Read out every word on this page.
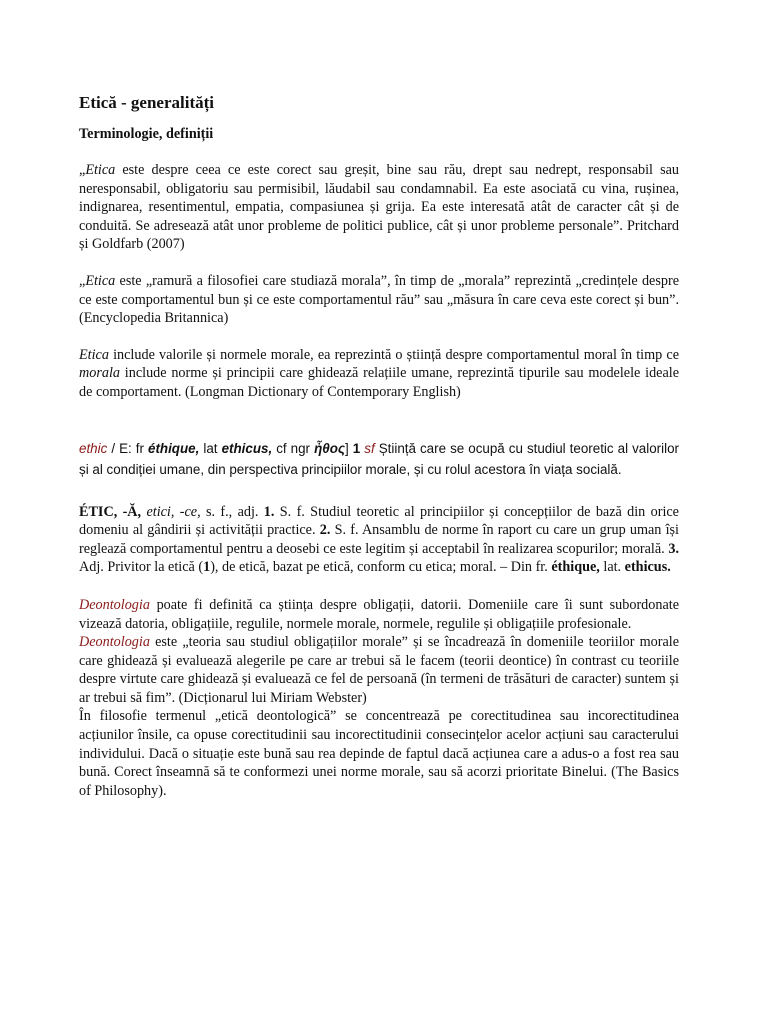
Etică - generalități
Terminologie, definiții

„Etica este despre ceea ce este corect sau greșit, bine sau rău, drept sau nedrept, responsabil sau neresponsabil, obligatoriu sau permisibil, lăudabil sau condamnabil. Ea este asociată cu vina, rușinea, indignarea, resentimentul, empatia, compasiunea și grija. Ea este interesată atât de caracter cât și de conduită. Se adresează atât unor probleme de politici publice, cât și unor probleme personale”. Pritchard și Goldfarb (2007)

„Etica este „ramură a filosofiei care studiază morala”, în timp de „morala” reprezintă „credințele despre ce este comportamentul bun și ce este comportamentul rău” sau „măsura în care ceva este corect și bun”. (Encyclopedia Britannica)

Etica include valorile și normele morale, ea reprezintă o știință despre comportamentul moral în timp ce morala include norme și principii care ghidează relațiile umane, reprezintă tipurile sau modelele ideale de comportament. (Longman Dictionary of Contemporary English)

ethic / E: fr éthique, lat ethicus, cf ngr ἦθος] 1 sf Știință care se ocupă cu studiul teoretic al valorilor și al condiției umane, din perspectiva principiilor morale, și cu rolul acestora în viața socială.

ÉTIC, -Ă, etici, -ce, s. f., adj. 1. S. f. Studiul teoretic al principiilor și concepțiilor de bază din orice domeniu al gândirii și activității practice. 2. S. f. Ansamblu de norme în raport cu care un grup uman își reglează comportamentul pentru a deosebi ce este legitim și acceptabil în realizarea scopurilor; morală. 3. Adj. Privitor la etică (1), de etică, bazat pe etică, conform cu etica; moral. – Din fr. éthique, lat. ethicus.

Deontologia poate fi definită ca știința despre obligații, datorii. Domeniile care îi sunt subordonate vizează datoria, obligațiile, regulile, normele morale, normele, regulile și obligațiile profesionale.

Deontologia este „teoria sau studiul obligațiilor morale” și se încadrează în domeniile teoriilor morale care ghidează și evaluează alegerile pe care ar trebui să le facem (teorii deontice) în contrast cu teoriile despre virtute care ghidează și evaluează ce fel de persoană (în termeni de trăsături de caracter) suntem și ar trebui să fim”. (Dicționarul lui Miriam Webster)

În filosofie termenul „etică deontologică” se concentrează pe corectitudinea sau incorectitudinea acțiunilor însile, ca opuse corectitudinii sau incorectitudinii consecințelor acelor acțiuni sau caracterului individului. Dacă o situație este bună sau rea depinde de faptul dacă acțiunea care a adus-o a fost rea sau bună. Corect înseamnă să te conformezi unei norme morale, sau să acorzi prioritate Binelui. (The Basics of Philosophy).
